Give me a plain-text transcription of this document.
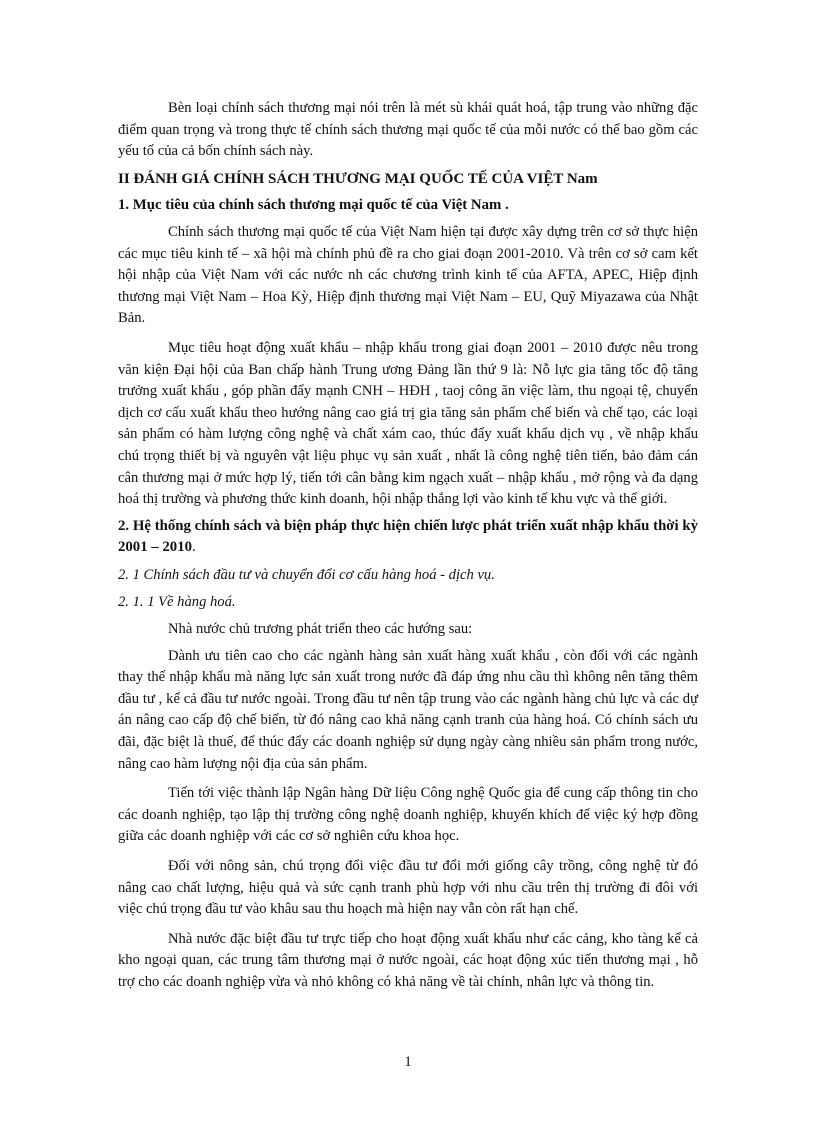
Bèn loại chính sách thương mại nói trên là mét sù khái quát hoá, tập trung vào những đặc điểm quan trọng và trong thực tế chính sách thương mại quốc tế của mỗi nước có thể bao gồm các yếu tố của cả bốn chính sách này.

II ĐÁNH GIÁ CHÍNH SÁCH THƯƠNG MẠI QUỐC TẾ CỦA VIỆT Nam

1. Mục tiêu của chính sách thương mại quốc tế của Việt Nam .

Chính sách thương mại quốc tế của Việt Nam hiện tại được xây dựng trên cơ sở thực hiện các mục tiêu kinh tế – xã hội mà chính phủ đề ra cho giai đoạn 2001-2010. Và trên cơ sở cam kết hội nhập của Việt Nam với các nước nh các chương trình kinh tế của AFTA, APEC, Hiệp định thương mại Việt Nam – Hoa Kỳ, Hiệp định thương mại Việt Nam – EU, Quỹ Miyazawa của Nhật Bản.

Mục tiêu hoạt động xuất khẩu – nhập khẩu trong giai đoạn 2001 – 2010 được nêu trong văn kiện Đại hội của Ban chấp hành Trung ương Đảng lần thứ 9 là: Nỗ lực gia tăng tốc độ tăng trưởng xuất khẩu , góp phần đẩy mạnh CNH – HĐH , taoj công ăn việc làm, thu ngoại tệ, chuyển dịch cơ cấu xuất khẩu theo hướng nâng cao giá trị gia tăng sản phẩm chế biến và chế tạo, các loại sản phẩm có hàm lượng công nghệ và chất xám cao, thúc đẩy xuất khẩu dịch vụ , về nhập khẩu chú trọng thiết bị và nguyên vật liệu phục vụ sản xuất , nhất là công nghệ tiên tiến, bảo đảm cán cân thương mại ở mức hợp lý, tiến tới cân bằng kim ngạch xuất – nhập khẩu , mở rộng và đa dạng hoá thị trường và phương thức kinh doanh, hội nhập thắng lợi vào kinh tế khu vực và thế giới.

2. Hệ thống chính sách và biện pháp thực hiện chiến lược phát triển xuất nhập khẩu thời kỳ 2001 – 2010.

2. 1 Chính sách đầu tư và chuyển đổi cơ cấu hàng hoá - dịch vụ.

2. 1. 1 Về hàng hoá.

Nhà nước chủ trương phát triển theo các hướng sau:

Dành ưu tiên cao cho các ngành hàng sản xuất hàng xuất khẩu , còn đối với các ngành thay thế nhập khẩu mà năng lực sản xuất trong nước đã đáp ứng nhu cầu thì không nên tăng thêm đầu tư , kể cả đầu tư nước ngoài. Trong đầu tư nên tập trung vào các ngành hàng chủ lực và các dự án nâng cao cấp độ chế biến, từ đó nâng cao khả năng cạnh tranh của hàng hoá. Có chính sách ưu đãi, đặc biệt là thuế, để thúc đẩy các doanh nghiệp sử dụng ngày càng nhiều sản phẩm trong nước, nâng cao hàm lượng nội địa của sản phẩm.

Tiến tới việc thành lập Ngân hàng Dữ liệu Công nghệ Quốc gia để cung cấp thông tin cho các doanh nghiệp, tạo lập thị trường công nghệ doanh nghiệp, khuyến khích để việc ký hợp đồng giữa các doanh nghiệp với các cơ sở nghiên cứu khoa học.

Đối với nông sản, chú trọng đổi việc đầu tư đổi mới giống cây trồng, công nghệ từ đó nâng cao chất lượng, hiệu quả và sức cạnh tranh phù hợp với nhu cầu trên thị trường đi đôi với việc chú trọng đầu tư vào khâu sau thu hoạch mà hiện nay vẫn còn rất hạn chế.

Nhà nước đặc biệt đầu tư trực tiếp cho hoạt động xuất khẩu như các cảng, kho tàng kể cả kho ngoại quan, các trung tâm thương mại ở nước ngoài, các hoạt động xúc tiến thương mại , hỗ trợ cho các doanh nghiệp vừa và nhỏ không có khả năng về tài chính, nhân lực và thông tin.

1
